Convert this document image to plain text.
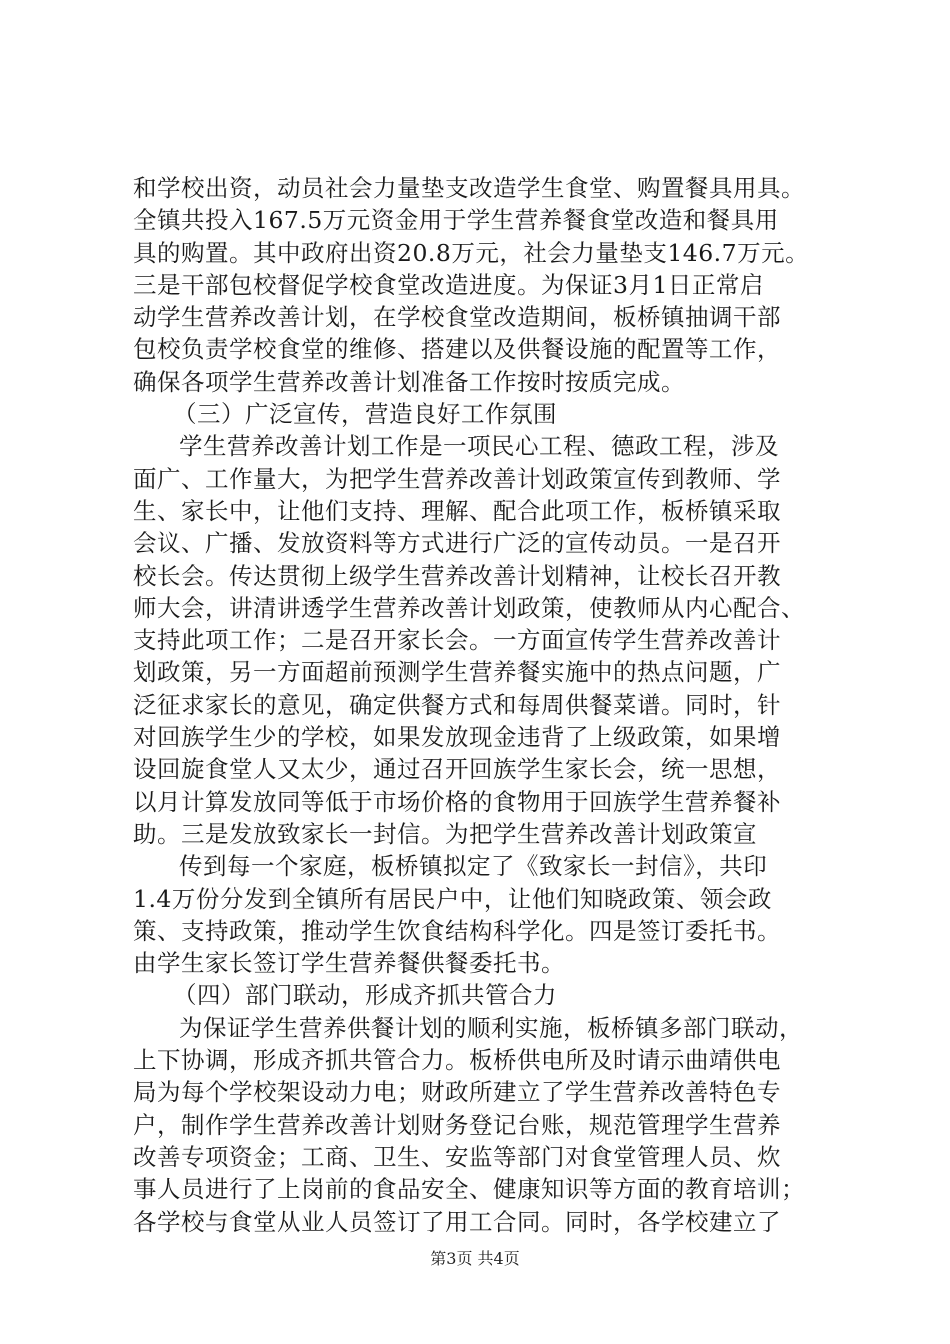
和学校出资，动员社会力量垫支改造学生食堂、购置餐具用具。
全镇共投入167.5万元资金用于学生营养餐食堂改造和餐具用
具的购置。其中政府出资20.8万元，社会力量垫支146.7万元。
三是干部包校督促学校食堂改造进度。为保证3月1日正常启
动学生营养改善计划，在学校食堂改造期间，板桥镇抽调干部
包校负责学校食堂的维修、搭建以及供餐设施的配置等工作，
确保各项学生营养改善计划准备工作按时按质完成。
（三）广泛宣传，营造良好工作氛围
学生营养改善计划工作是一项民心工程、德政工程，涉及
面广、工作量大，为把学生营养改善计划政策宣传到教师、学
生、家长中，让他们支持、理解、配合此项工作，板桥镇采取
会议、广播、发放资料等方式进行广泛的宣传动员。一是召开
校长会。传达贯彻上级学生营养改善计划精神，让校长召开教
师大会，讲清讲透学生营养改善计划政策，使教师从内心配合、
支持此项工作；二是召开家长会。一方面宣传学生营养改善计
划政策，另一方面超前预测学生营养餐实施中的热点问题，广
泛征求家长的意见，确定供餐方式和每周供餐菜谱。同时，针
对回族学生少的学校，如果发放现金违背了上级政策，如果增
设回旋食堂人又太少，通过召开回族学生家长会，统一思想，
以月计算发放同等低于市场价格的食物用于回族学生营养餐补
助。三是发放致家长一封信。为把学生营养改善计划政策宣
传到每一个家庭，板桥镇拟定了《致家长一封信》，共印
1.4万份分发到全镇所有居民户中，让他们知晓政策、领会政
策、支持政策，推动学生饮食结构科学化。四是签订委托书。
由学生家长签订学生营养餐供餐委托书。
（四）部门联动，形成齐抓共管合力
为保证学生营养供餐计划的顺利实施，板桥镇多部门联动，
上下协调，形成齐抓共管合力。板桥供电所及时请示曲靖供电
局为每个学校架设动力电；财政所建立了学生营养改善特色专
户，制作学生营养改善计划财务登记台账，规范管理学生营养
改善专项资金；工商、卫生、安监等部门对食堂管理人员、炊
事人员进行了上岗前的食品安全、健康知识等方面的教育培训；
各学校与食堂从业人员签订了用工合同。同时，各学校建立了
第3页 共4页
